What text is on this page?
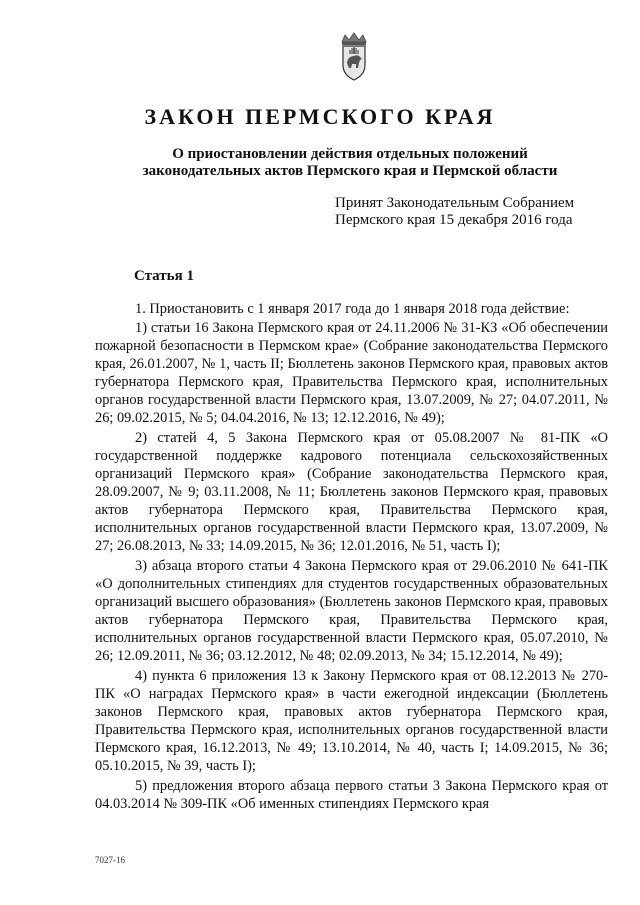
ЗАКОН ПЕРМСКОГО КРАЯ

О приостановлении действия отдельных положений законодательных актов Пермского края и Пермской области

Принят Законодательным Собранием
Пермского края 15 декабря 2016 года

Статья 1

1. Приостановить с 1 января 2017 года до 1 января 2018 года действие:

1) статьи 16 Закона Пермского края от 24.11.2006 № 31-КЗ «Об обеспечении пожарной безопасности в Пермском крае» (Собрание законодательства Пермского края, 26.01.2007, № 1, часть II; Бюллетень законов Пермского края, правовых актов губернатора Пермского края, Правительства Пермского края, исполнительных органов государственной власти Пермского края, 13.07.2009, № 27; 04.07.2011, № 26; 09.02.2015, № 5; 04.04.2016, № 13; 12.12.2016, № 49);

2) статей 4, 5 Закона Пермского края от 05.08.2007 № 81-ПК «О государственной поддержке кадрового потенциала сельскохозяйственных организаций Пермского края» (Собрание законодательства Пермского края, 28.09.2007, № 9; 03.11.2008, № 11; Бюллетень законов Пермского края, правовых актов губернатора Пермского края, Правительства Пермского края, исполнительных органов государственной власти Пермского края, 13.07.2009, № 27; 26.08.2013, № 33; 14.09.2015, № 36; 12.01.2016, № 51, часть I);

3) абзаца второго статьи 4 Закона Пермского края от 29.06.2010 № 641-ПК «О дополнительных стипендиях для студентов государственных образовательных организаций высшего образования» (Бюллетень законов Пермского края, правовых актов губернатора Пермского края, Правительства Пермского края, исполнительных органов государственной власти Пермского края, 05.07.2010, № 26; 12.09.2011, № 36; 03.12.2012, № 48; 02.09.2013, № 34; 15.12.2014, № 49);

4) пункта 6 приложения 13 к Закону Пермского края от 08.12.2013 № 270-ПК «О наградах Пермского края» в части ежегодной индексации (Бюллетень законов Пермского края, правовых актов губернатора Пермского края, Правительства Пермского края, исполнительных органов государственной власти Пермского края, 16.12.2013, № 49; 13.10.2014, № 40, часть I; 14.09.2015, № 36; 05.10.2015, № 39, часть I);

5) предложения второго абзаца первого статьи 3 Закона Пермского края от 04.03.2014 № 309-ПК «Об именных стипендиях Пермского края

7027-16
